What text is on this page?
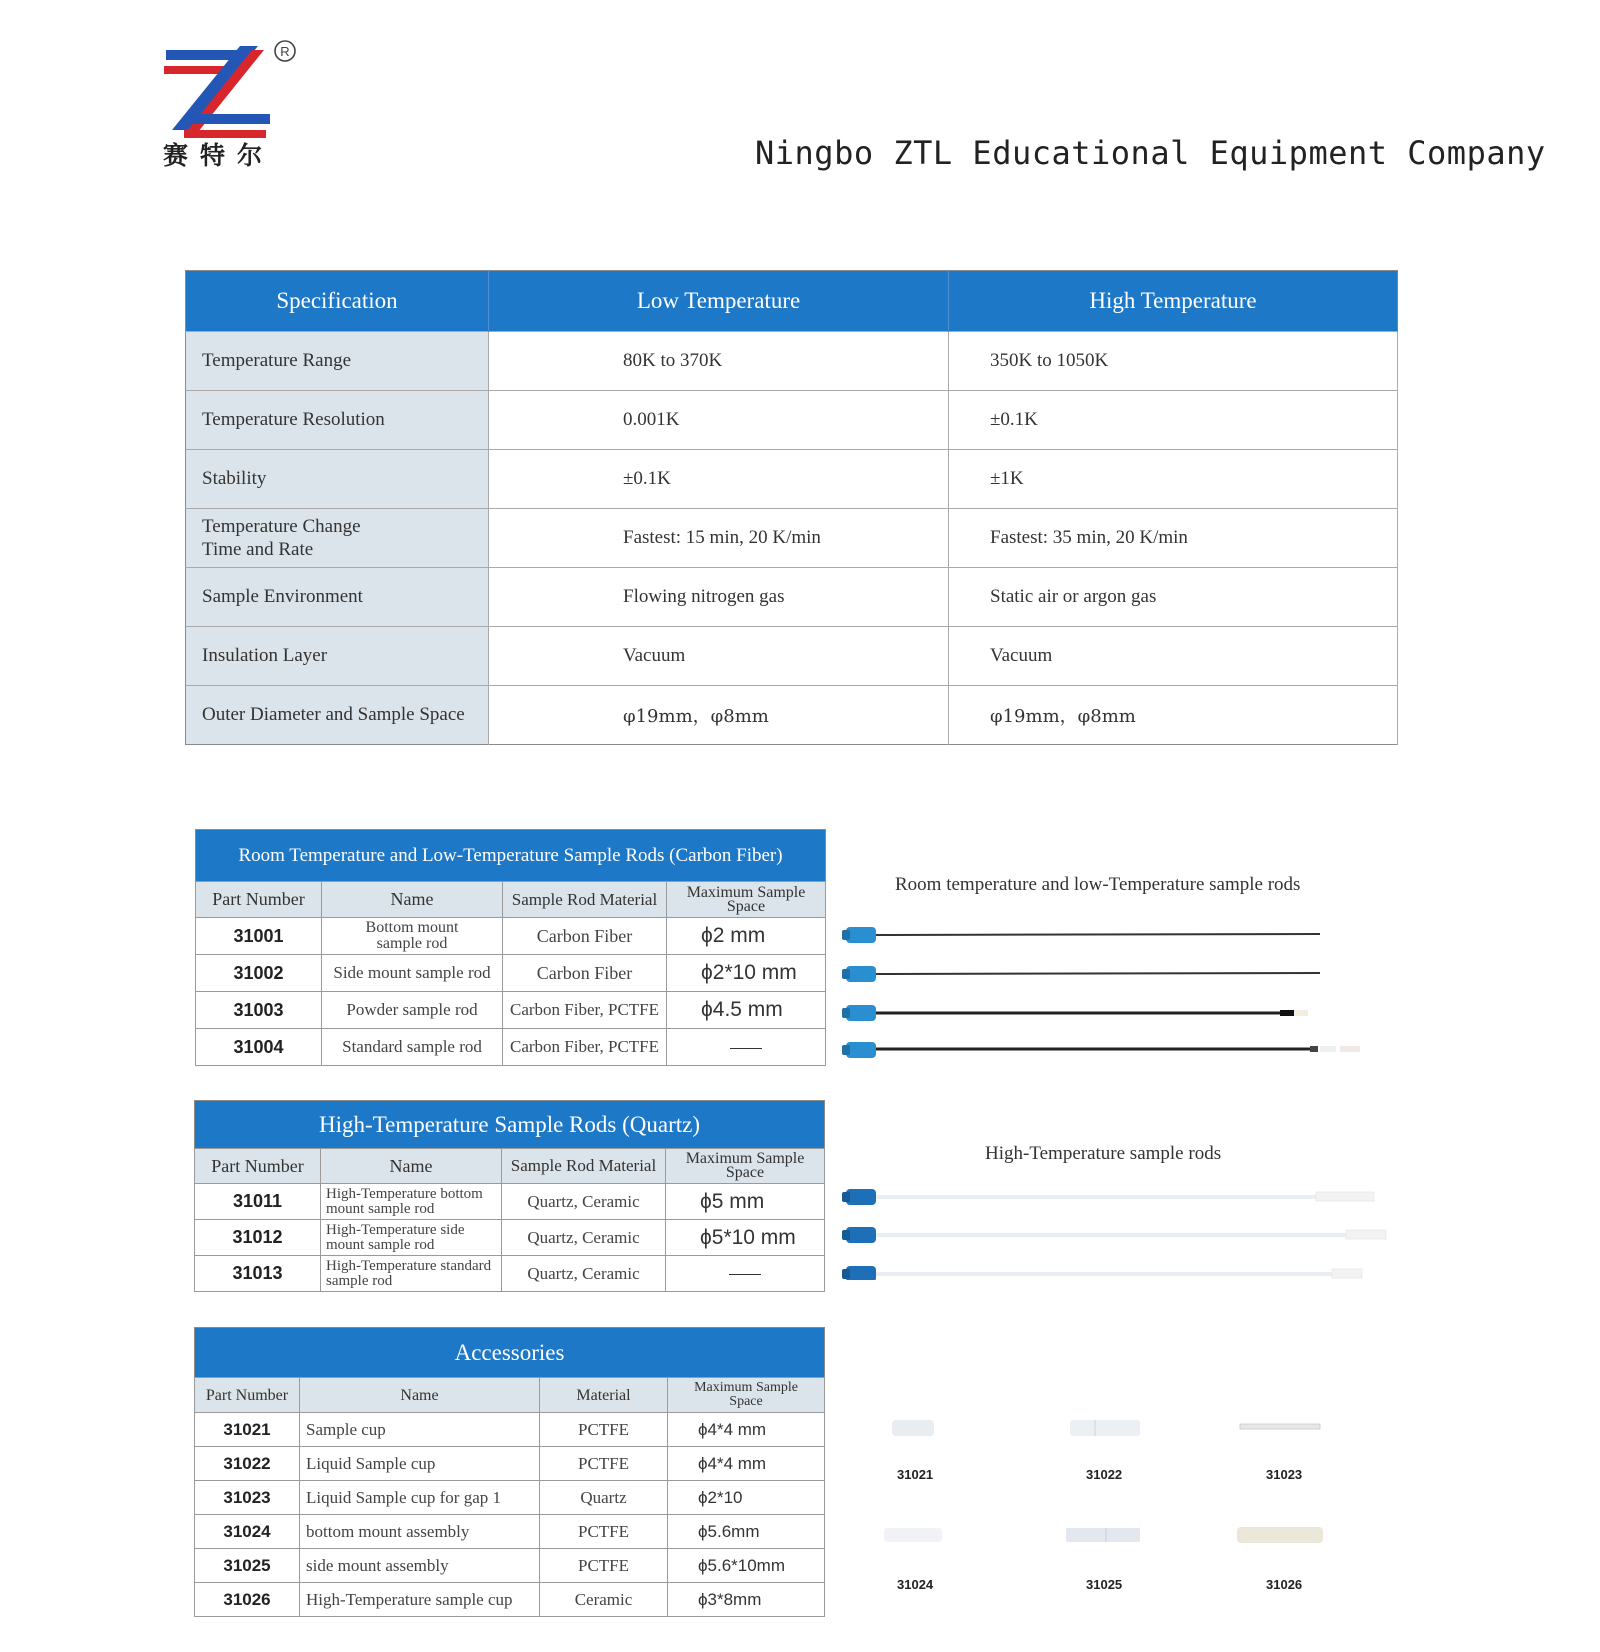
R
赛特尔	Ningbo ZTL Educational Equipment Company
Specification	Low Temperature	High Temperature
Temperature Range	80K to 370K	350K to 1050K
Temperature Resolution	0.001K	±0.1K
Stability	±0.1K	±1K
Temperature Change Time and Rate	Fastest: 15 min, 20 K/min	Fastest: 35 min, 20 K/min
Sample Environment	Flowing nitrogen gas	Static air or argon gas
Insulation Layer	Vacuum	Vacuum
Outer Diameter and Sample Space	φ19mm，φ8mm	φ19mm，φ8mm
Room Temperature and Low-Temperature Sample Rods (Carbon Fiber)			
Part Number	Name	Sample Rod Material	Maximum Sample Space
31001	Bottom mount sample rod	Carbon Fiber	ϕ2 mm
31002	Side mount sample rod	Carbon Fiber	ϕ2*10 mm
31003	Powder sample rod	Carbon Fiber, PCTFE	ϕ4.5 mm
31004	Standard sample rod	Carbon Fiber, PCTFE	
High-Temperature Sample Rods (Quartz)			
Part Number	Name	Sample Rod Material	Maximum Sample Space
31011	High-Temperature bottom mount sample rod	Quartz, Ceramic	ϕ5 mm
31012	High-Temperature side mount sample rod	Quartz, Ceramic	ϕ5*10 mm
31013	High-Temperature standard sample rod	Quartz, Ceramic	
Accessories			
Part Number	Name	Material	Maximum Sample Space
31021	Sample cup	PCTFE	ϕ4*4 mm
31022	Liquid Sample cup	PCTFE	ϕ4*4 mm
31023	Liquid Sample cup for gap 1	Quartz	ϕ2*10
31024	bottom mount assembly	PCTFE	ϕ5.6mm
31025	side mount assembly	PCTFE	ϕ5.6*10mm
31026	High-Temperature sample cup	Ceramic	ϕ3*8mm
Room temperature and low-Temperature sample rods
High-Temperature sample rods
31021	31022	31023
31024	31025	31026
